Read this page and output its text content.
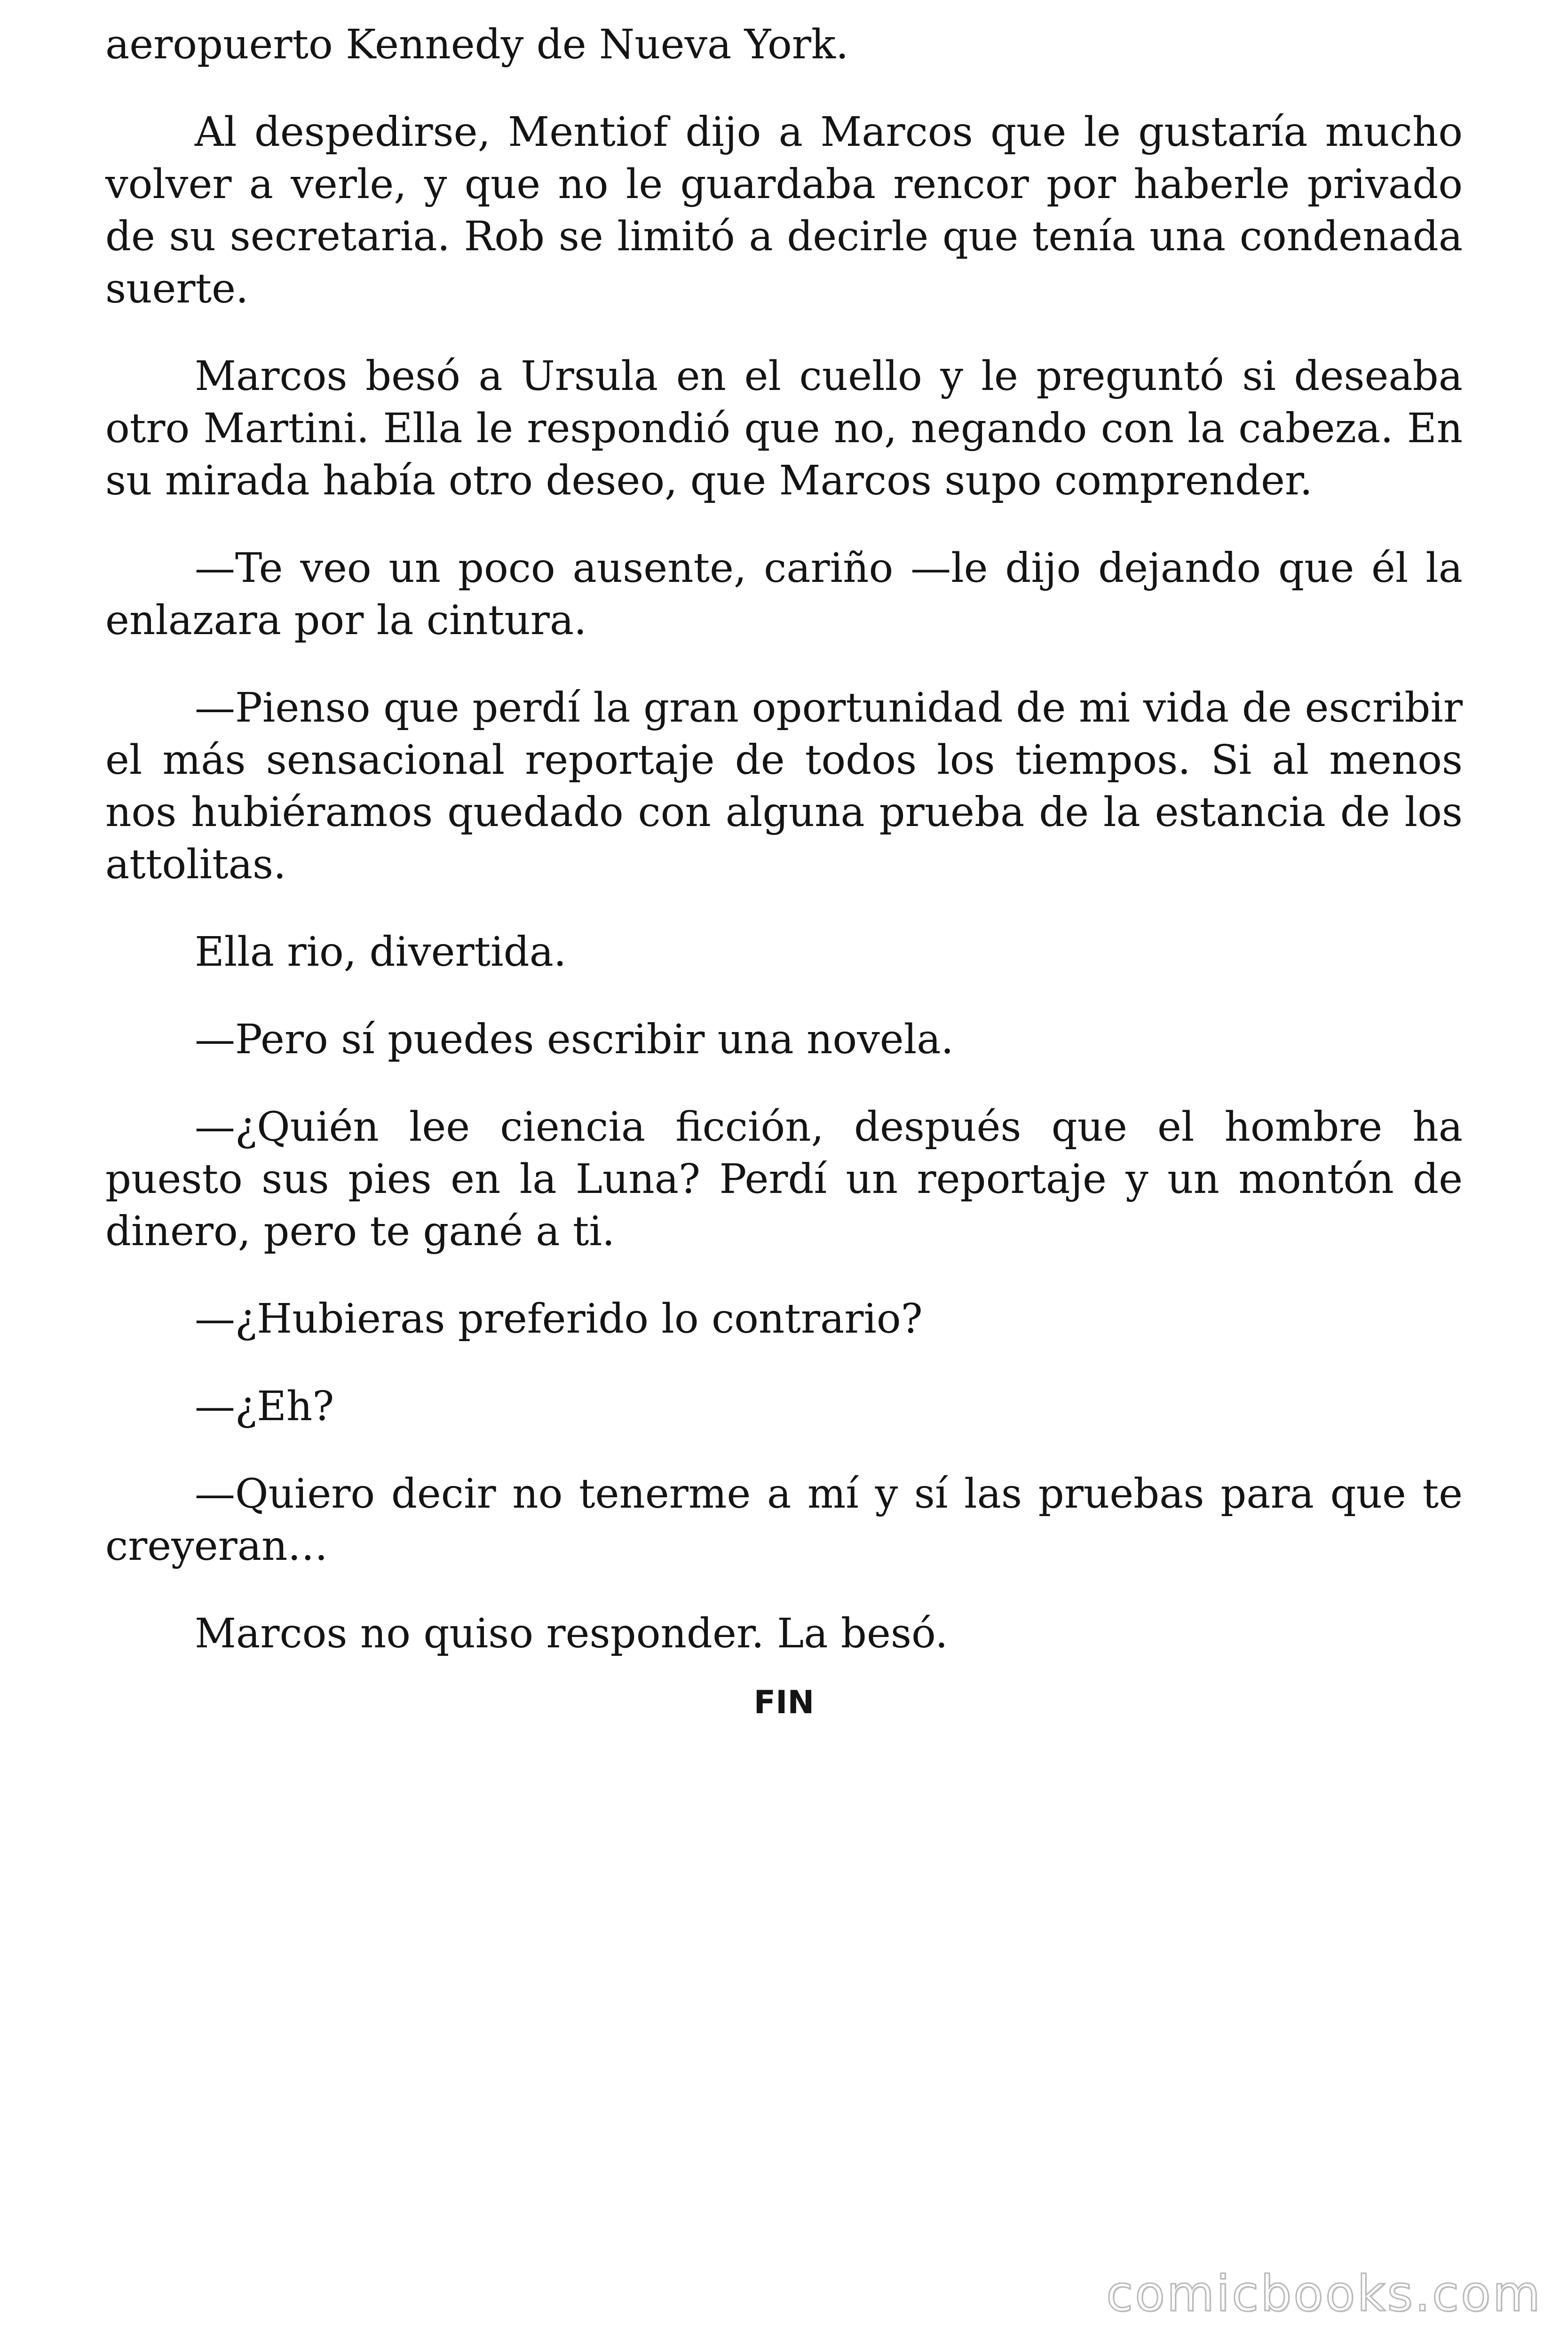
aeropuerto Kennedy de Nueva York.

Al despedirse, Mentiof dijo a Marcos que le gustaría mucho volver a verle, y que no le guardaba rencor por haberle privado de su secretaria. Rob se limitó a decirle que tenía una condenada suerte.

Marcos besó a Ursula en el cuello y le preguntó si deseaba otro Martini. Ella le respondió que no, negando con la cabeza. En su mirada había otro deseo, que Marcos supo comprender.

—Te veo un poco ausente, cariño —le dijo dejando que él la enlazara por la cintura.

—Pienso que perdí la gran oportunidad de mi vida de escribir el más sensacional reportaje de todos los tiempos. Si al menos nos hubiéramos quedado con alguna prueba de la estancia de los attolitas.

Ella rio, divertida.

—Pero sí puedes escribir una novela.

—¿Quién lee ciencia ficción, después que el hombre ha puesto sus pies en la Luna? Perdí un reportaje y un montón de dinero, pero te gané a ti.

—¿Hubieras preferido lo contrario?

—¿Eh?

—Quiero decir no tenerme a mí y sí las pruebas para que te creyeran…

Marcos no quiso responder. La besó.

FIN
comicbooks.com
